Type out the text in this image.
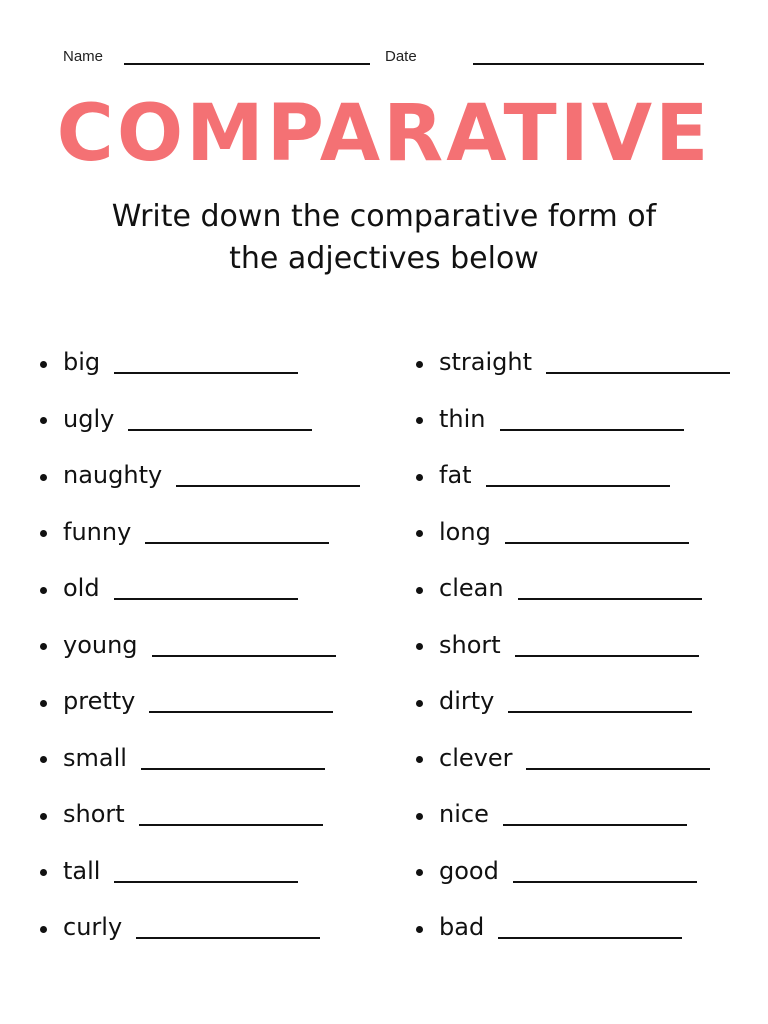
Name	Date
COMPARATIVE
Write down the comparative form of
the adjectives below
big
ugly
naughty
funny
old
young
pretty
small
short
tall
curly
straight
thin
fat
long
clean
short
dirty
clever
nice
good
bad
